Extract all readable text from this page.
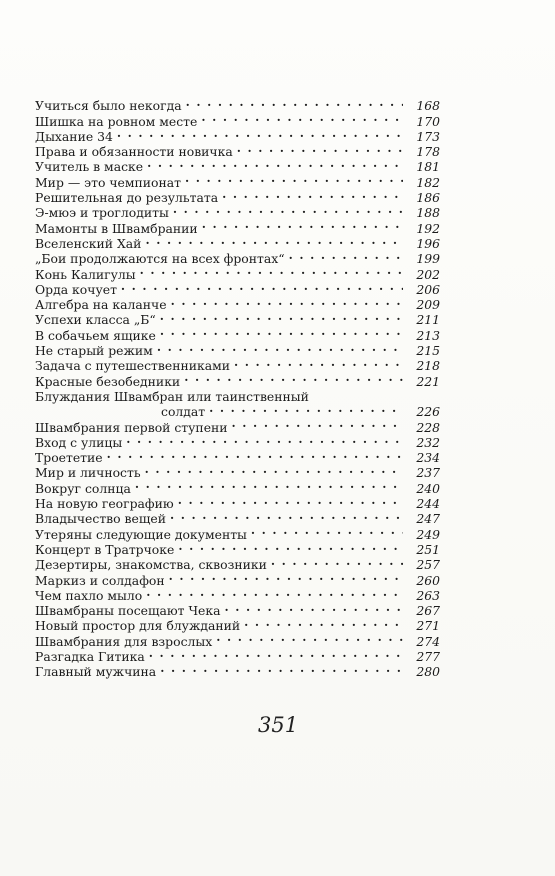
Учиться было некогда . . .	168
Шишка на ровном месте . . .	170
Дыхание 34 . . .	173
Права и обязанности новичка . . .	178
Учитель в маске . . .	181
Мир — это чемпионат . . .	182
Решительная до результата . . .	186
Э-мюэ и троглодиты . . .	188
Мамонты в Швамбрании . . .	192
Вселенский Хай . . .	196
„Бои продолжаются на всех фронтах“ . . .	199
Конь Калигулы . . .	202
Орда кочует . . .	206
Алгебра на каланче . . .	209
Успехи класса „Б“ . . .	211
В собачьем ящике . . .	213
Не старый режим . . .	215
Задача с путешественниками . . .	218
Красные безобедники . . .	221
Блуждания Швамбран или таинственный
солдат . . .	226
Швамбрания первой ступени . . .	228
Вход с улицы . . .	232
Троететие . . .	234
Мир и личность . . .	237
Вокруг солнца . . .	240
На новую географию . . .	244
Владычество вещей . . .	247
Утеряны следующие документы . . .	249
Концерт в Тратрчоке . . .	251
Дезертиры, знакомства, сквозники . . .	257
Маркиз и солдафон . . .	260
Чем пахло мыло . . .	263
Швамбраны посещают Чека . . .	267
Новый простор для блужданий . . .	271
Швамбрания для взрослых . . .	274
Разгадка Гитика . . .	277
Главный мужчина . . .	280
351
